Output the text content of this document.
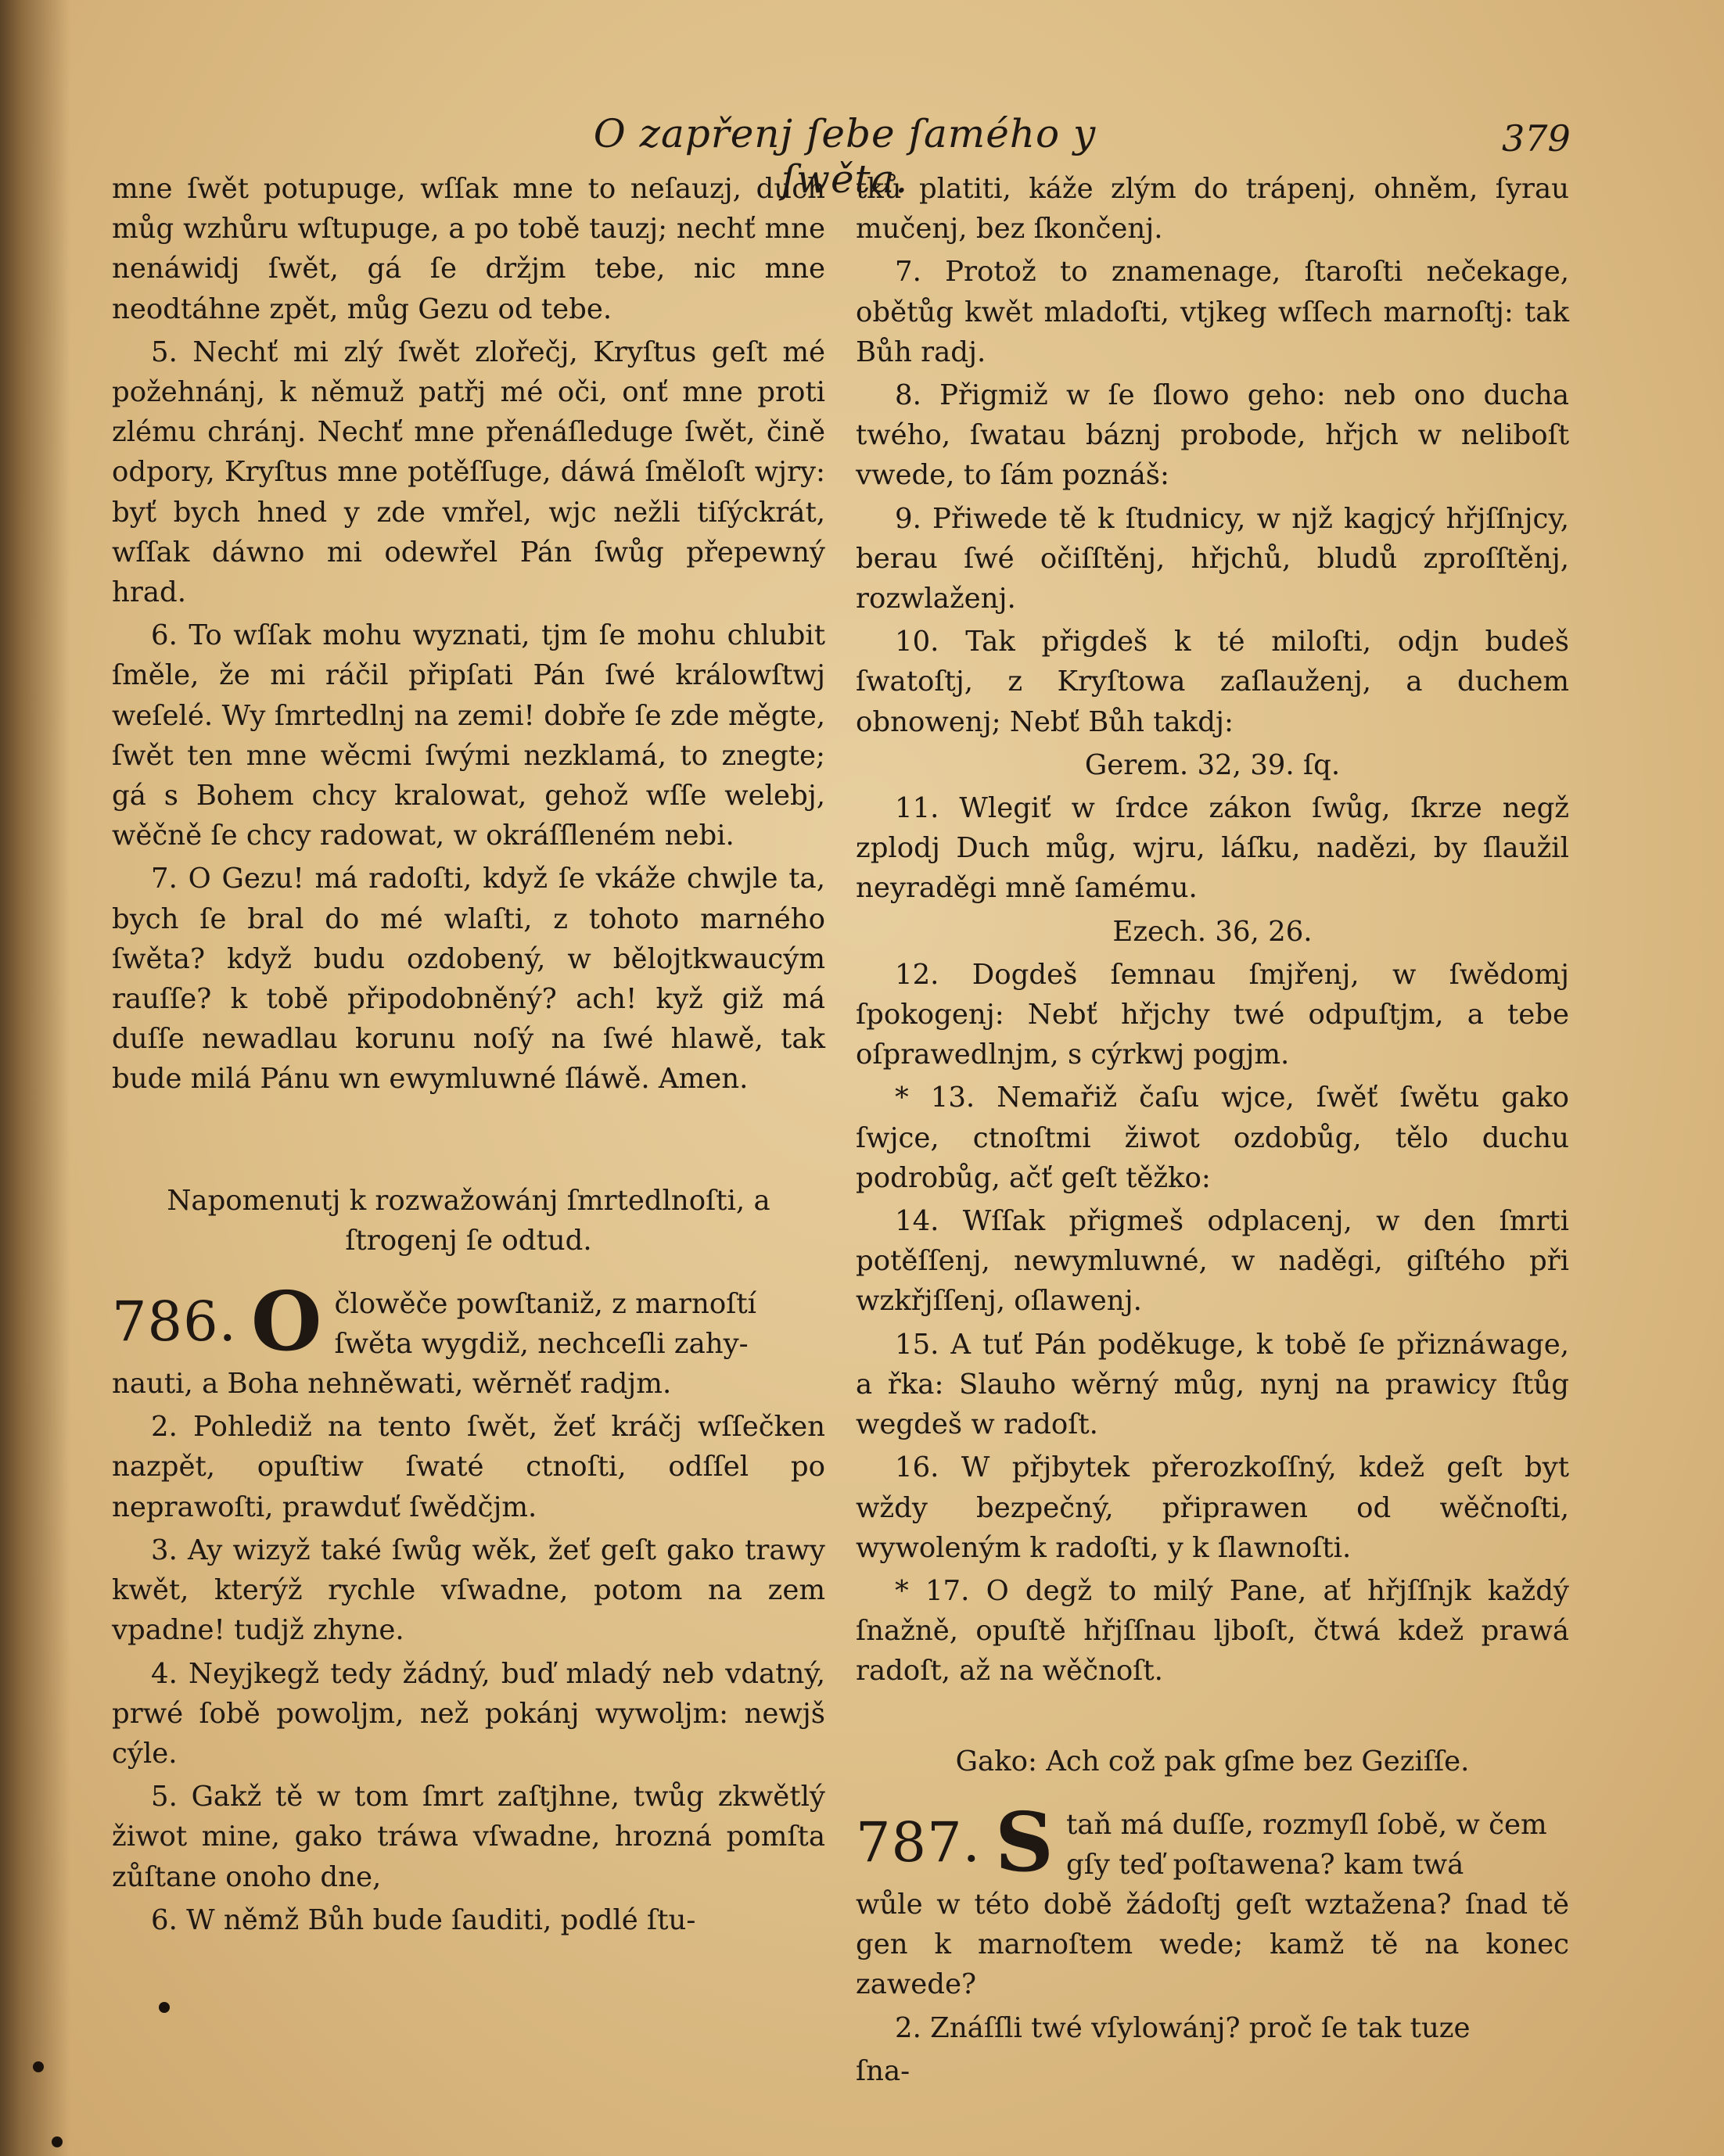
O zapřenj ſebe ſamého y ſwěta.
379

mne ſwět potupuge, wſſak mne to neſauzj, duch můg wzhůru wſtupuge, a po tobě tauzj; nechť mne nenáwidj ſwět, gá ſe držjm tebe, nic mne neodtáhne zpět, můg Gezu od tebe.

5. Nechť mi zlý ſwět zlořečj, Kryſtus geſt mé požehnánj, k němuž patřj mé oči, onť mne proti zlému chránj. Nechť mne přenáſleduge ſwět, čině odpory, Kryſtus mne potěſſuge, dáwá ſměloſt wjry: byť bych hned y zde vmřel, wjc nežli tiſýckrát, wſſak dáwno mi odewřel Pán ſwůg přepewný hrad.

6. To wſſak mohu wyznati, tjm ſe mohu chlubit ſměle, že mi ráčil připſati Pán ſwé králowſtwj weſelé. Wy ſmrtedlnj na zemi! dobře ſe zde měgte, ſwět ten mne wěcmi ſwými nezklamá, to znegte; gá s Bohem chcy kralowat, gehož wſſe welebj, wěčně ſe chcy radowat, w okráſſleném nebi.

7. O Gezu! má radoſti, když ſe vkáže chwjle ta, bych ſe bral do mé wlaſti, z tohoto marného ſwěta? když budu ozdobený, w bělojtkwaucým rauſſe? k tobě připodobněný? ach! kyž giž má duſſe newadlau korunu noſý na ſwé hlawě, tak bude milá Pánu wn ewymluwné ſláwě. Amen.

Napomenutj k rozwažowánj ſmrtedlnoſti, a ſtrogenj ſe odtud.
786. O člowěče powſtaniž, z marnoſtí

ſwěta wygdiž, nechceſli zahy-

nauti, a Boha nehněwati, wěrněť radjm.

2. Pohlediž na tento ſwět, žeť kráčj wſſečken nazpět, opuſtiw ſwaté ctnoſti, odſſel po neprawoſti, prawduť ſwědčjm.

3. Ay wizyž také ſwůg wěk, žeť geſt gako trawy kwět, kterýž rychle vſwadne, potom na zem vpadne! tudjž zhyne.

4. Neyjkegž tedy žádný, buď mladý neb vdatný, prwé ſobě powoljm, než pokánj wywoljm: newjš cýle.

5. Gakž tě w tom ſmrt zaſtjhne, twůg zkwětlý žiwot mine, gako tráwa vſwadne, hrozná pomſta zůſtane onoho dne,

6. W němž Bůh bude ſauditi, podlé ſtu-

tků platiti, káže zlým do trápenj, ohněm, ſyrau mučenj, bez ſkončenj.

7. Protož to znamenage, ſtaroſti nečekage, obětůg kwět mladoſti, vtjkeg wſſech marnoſtj: tak Bůh radj.

8. Přigmiž w ſe ſlowo geho: neb ono ducha twého, ſwatau báznj probode, hřjch w neliboſt vwede, to ſám poznáš:

9. Přiwede tě k ſtudnicy, w njž kagjcý hřjſſnjcy, berau ſwé očiſſtěnj, hřjchů, bludů zproſſtěnj, rozwlaženj.

10. Tak přigdeš k té miloſti, odjn budeš ſwatoſtj, z Kryſtowa zaſlauženj, a duchem obnowenj; Nebť Bůh takdj:

Gerem. 32, 39. ſq.

11. Wlegiť w ſrdce zákon ſwůg, ſkrze negž zplodj Duch můg, wjru, láſku, nadězi, by ſlaužil neyraděgi mně ſamému.

Ezech. 36, 26.

12. Dogdeš ſemnau ſmjřenj, w ſwědomj ſpokogenj: Nebť hřjchy twé odpuſtjm, a tebe oſprawedlnjm, s cýrkwj pogjm.

* 13. Nemařiž čaſu wjce, ſwěť ſwětu gako ſwjce, ctnoſtmi žiwot ozdobůg, tělo duchu podrobůg, ačť geſt těžko:

14. Wſſak přigmeš odplacenj, w den ſmrti potěſſenj, newymluwné, w naděgi, giſtého při wzkřjſſenj, oſlawenj.

15. A tuť Pán poděkuge, k tobě ſe přiznáwage, a řka: Slauho wěrný můg, nynj na prawicy ſtůg wegdeš w radoſt.

16. W přjbytek přerozkoſſný, kdež geſt byt wždy bezpečný, připrawen od wěčnoſti, wywoleným k radoſti, y k ſlawnoſti.

* 17. O degž to milý Pane, ať hřjſſnjk každý ſnažně, opuſtě hřjſſnau ljboſt, čtwá kdež prawá radoſt, až na wěčnoſt.

Gako: Ach což pak gſme bez Geziſſe.
787. S taň má duſſe, rozmyſl ſobě, w čem

gſy teď poſtawena? kam twá

wůle w této době žádoſtj geſt wztažena? ſnad tě gen k marnoſtem wede; kamž tě na konec zawede?

2. Znáſſli twé vſylowánj? proč ſe tak tuze

ſna-
